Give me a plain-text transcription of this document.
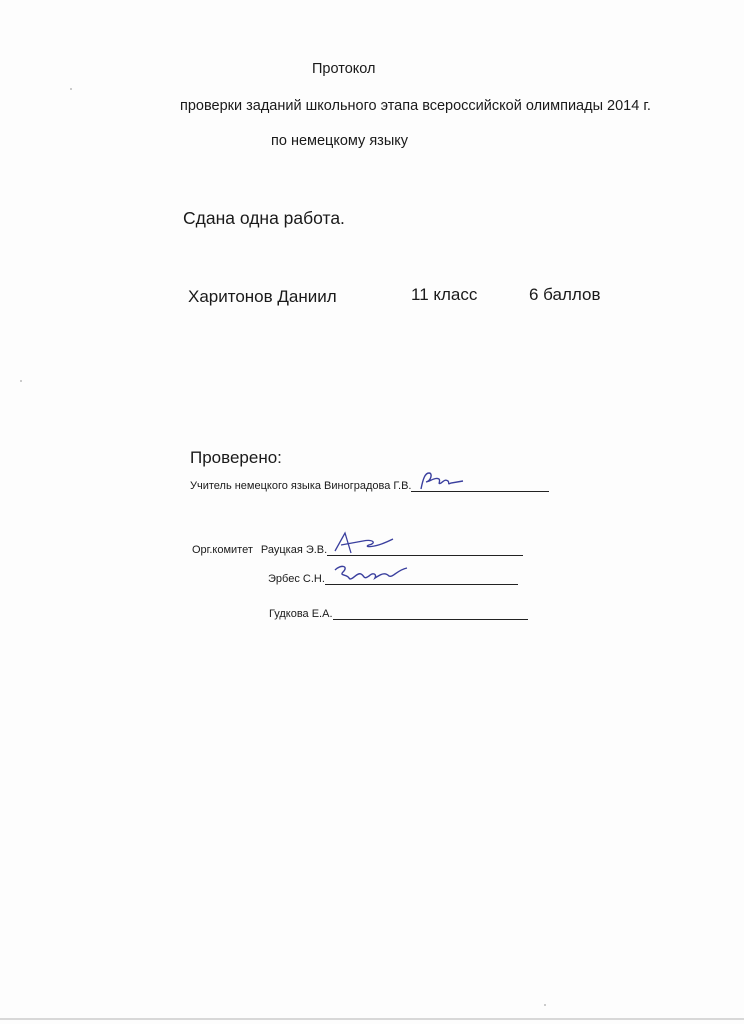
Протокол
проверки заданий школьного этапа всероссийской олимпиады 2014 г.
по немецкому языку
Сдана одна работа.
Харитонов Даниил	11 класс	6 баллов
Проверено:
Учитель немецкого языка Виноградова Г.В.
Орг.комитет Рауцкая Э.В.
Эрбес С.Н.
Гудкова Е.А.
